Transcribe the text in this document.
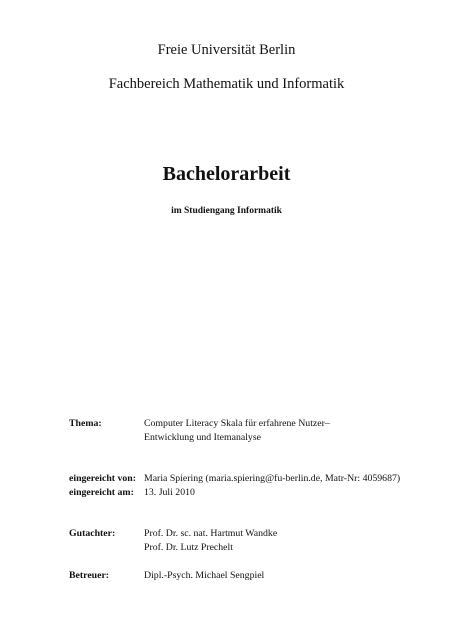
Freie Universität Berlin
Fachbereich Mathematik und Informatik
Bachelorarbeit
im Studiengang Informatik
Thema:	Computer Literacy Skala für erfahrene Nutzer–
Entwicklung und Itemanalyse
eingereicht von: Maria Spiering (maria.spiering@fu-berlin.de, Matr-Nr: 4059687)
eingereicht am: 13. Juli 2010
Gutachter:	Prof. Dr. sc. nat. Hartmut Wandke
Prof. Dr. Lutz Prechelt
Betreuer:	Dipl.-Psych. Michael Sengpiel
